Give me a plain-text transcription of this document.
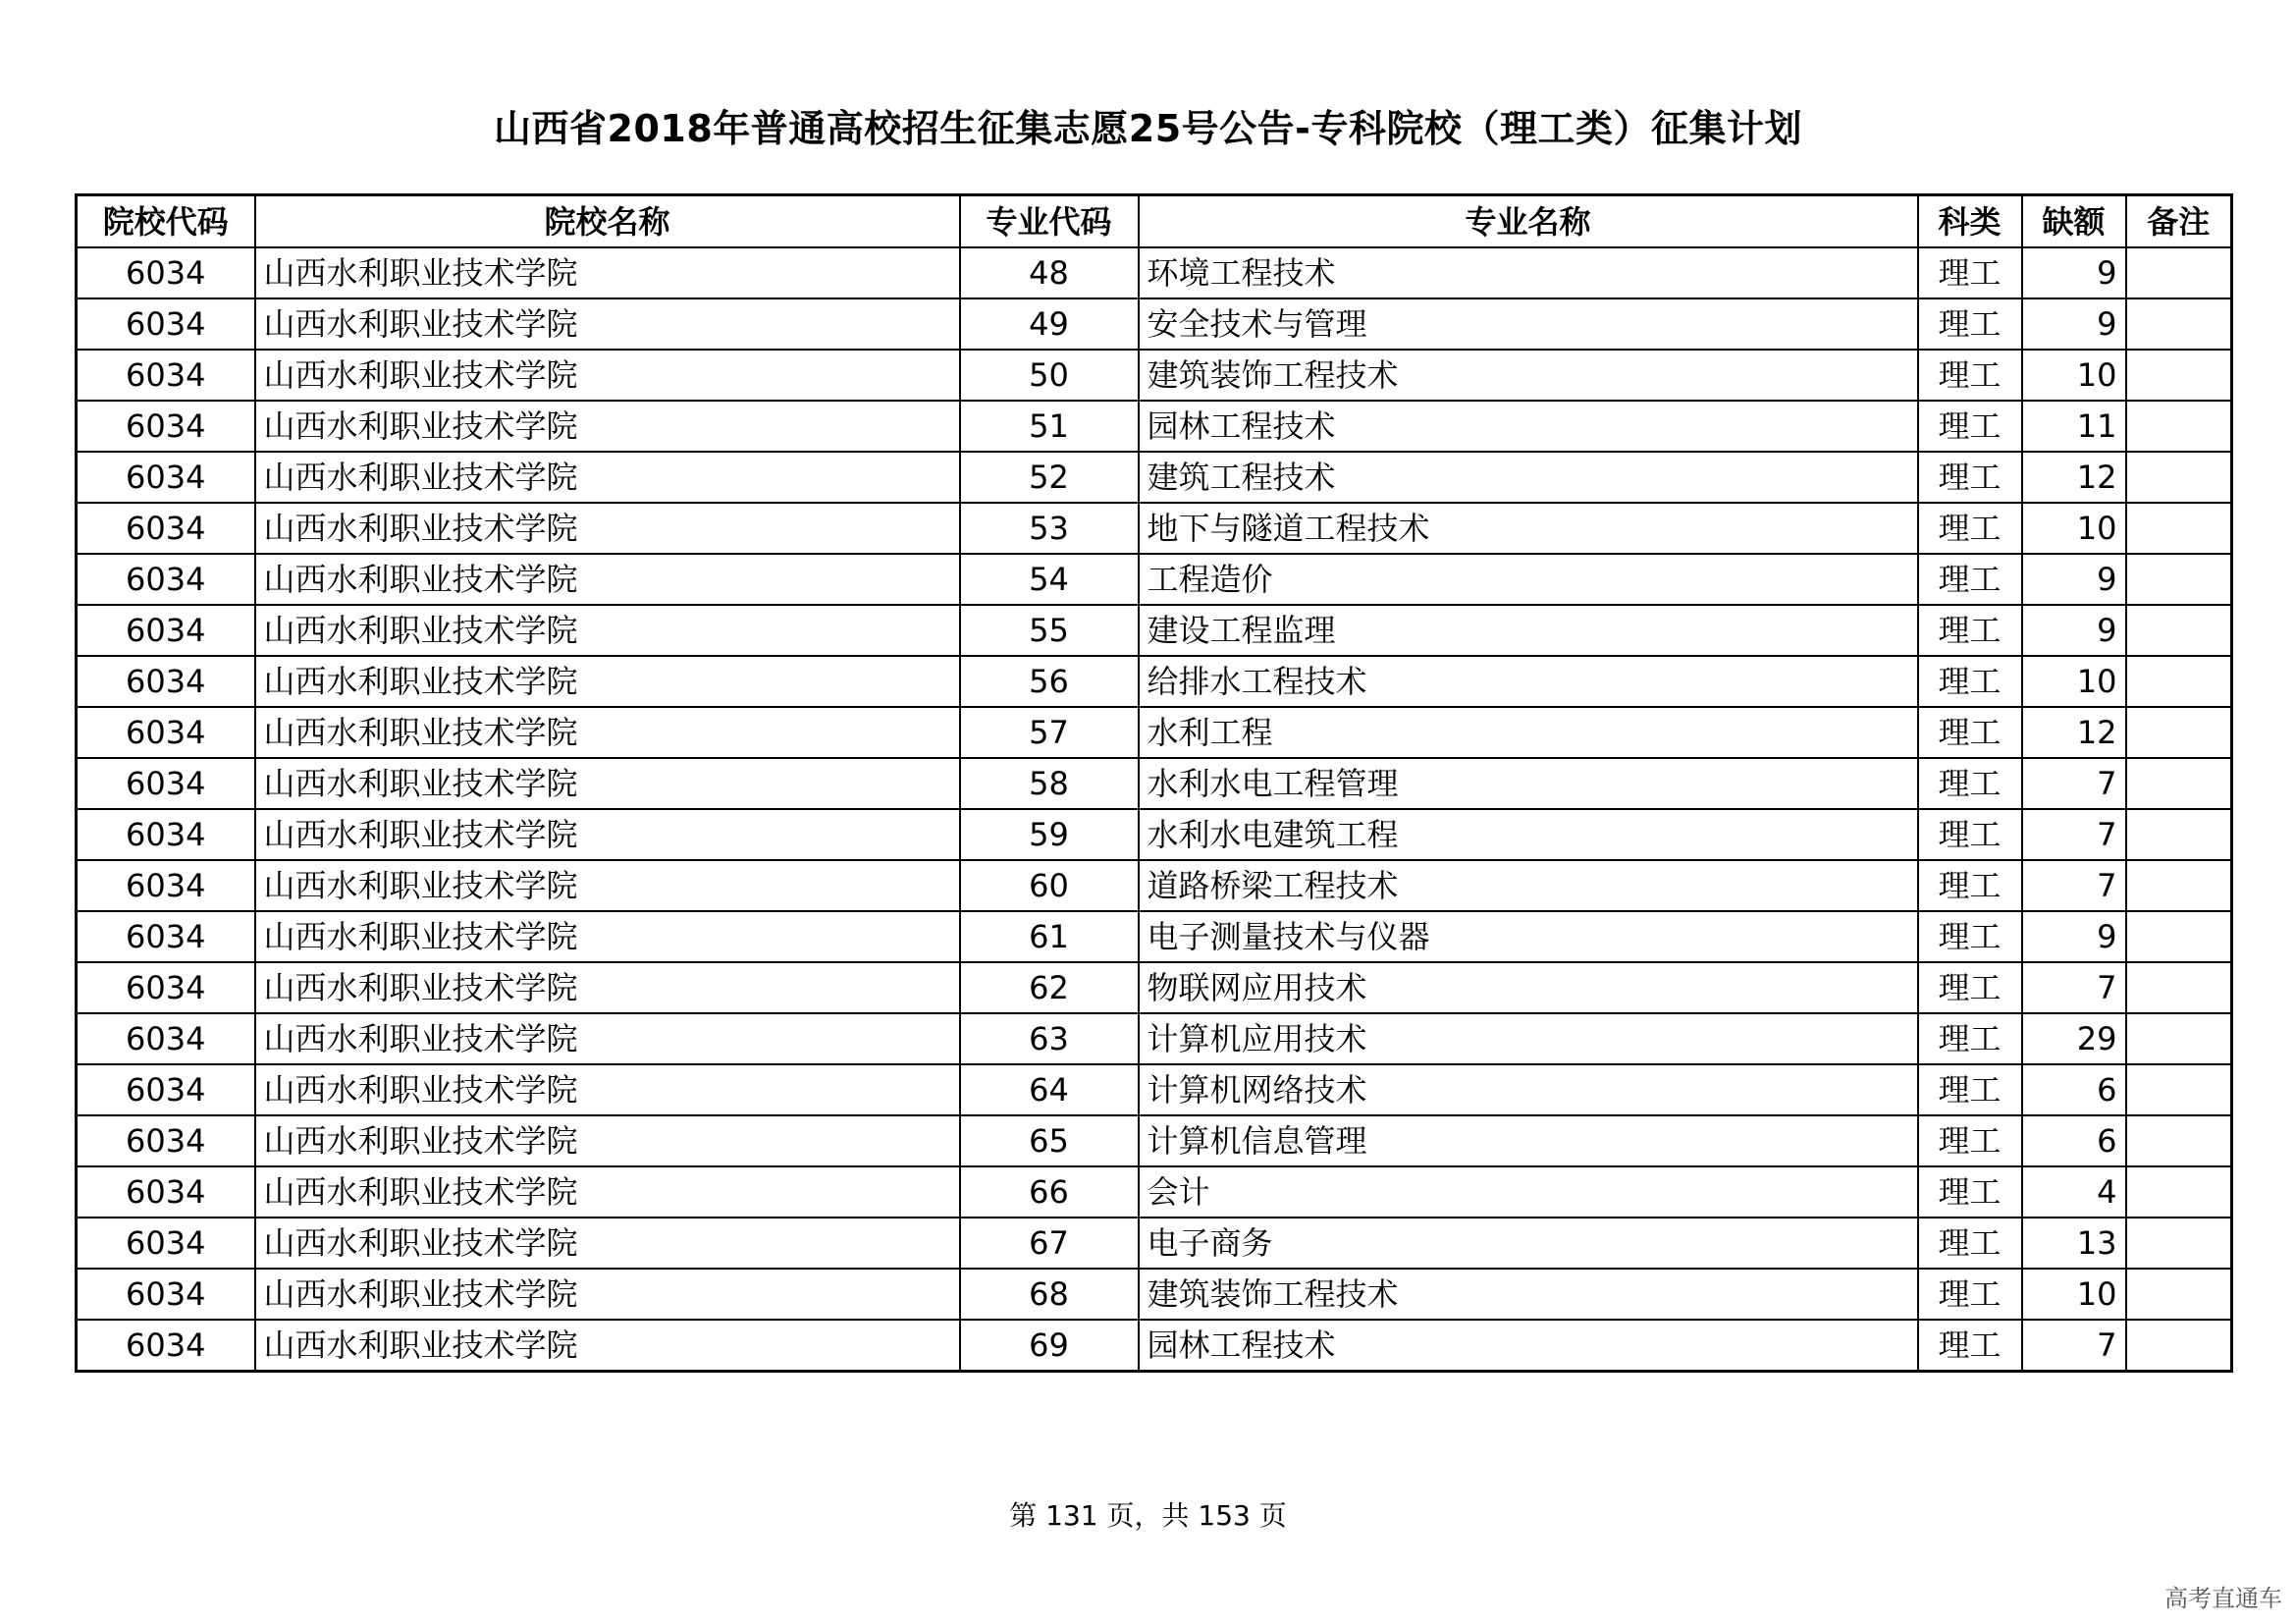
山西省2018年普通高校招生征集志愿25号公告-专科院校（理工类）征集计划
院校代码	院校名称	专业代码	专业名称	科类	缺额	备注
6034	山西水利职业技术学院	48	环境工程技术	理工	9	
6034	山西水利职业技术学院	49	安全技术与管理	理工	9	
6034	山西水利职业技术学院	50	建筑装饰工程技术	理工	10	
6034	山西水利职业技术学院	51	园林工程技术	理工	11	
6034	山西水利职业技术学院	52	建筑工程技术	理工	12	
6034	山西水利职业技术学院	53	地下与隧道工程技术	理工	10	
6034	山西水利职业技术学院	54	工程造价	理工	9	
6034	山西水利职业技术学院	55	建设工程监理	理工	9	
6034	山西水利职业技术学院	56	给排水工程技术	理工	10	
6034	山西水利职业技术学院	57	水利工程	理工	12	
6034	山西水利职业技术学院	58	水利水电工程管理	理工	7	
6034	山西水利职业技术学院	59	水利水电建筑工程	理工	7	
6034	山西水利职业技术学院	60	道路桥梁工程技术	理工	7	
6034	山西水利职业技术学院	61	电子测量技术与仪器	理工	9	
6034	山西水利职业技术学院	62	物联网应用技术	理工	7	
6034	山西水利职业技术学院	63	计算机应用技术	理工	29	
6034	山西水利职业技术学院	64	计算机网络技术	理工	6	
6034	山西水利职业技术学院	65	计算机信息管理	理工	6	
6034	山西水利职业技术学院	66	会计	理工	4	
6034	山西水利职业技术学院	67	电子商务	理工	13	
6034	山西水利职业技术学院	68	建筑装饰工程技术	理工	10	
6034	山西水利职业技术学院	69	园林工程技术	理工	7	
第 131 页，共 153 页
高考直通车
